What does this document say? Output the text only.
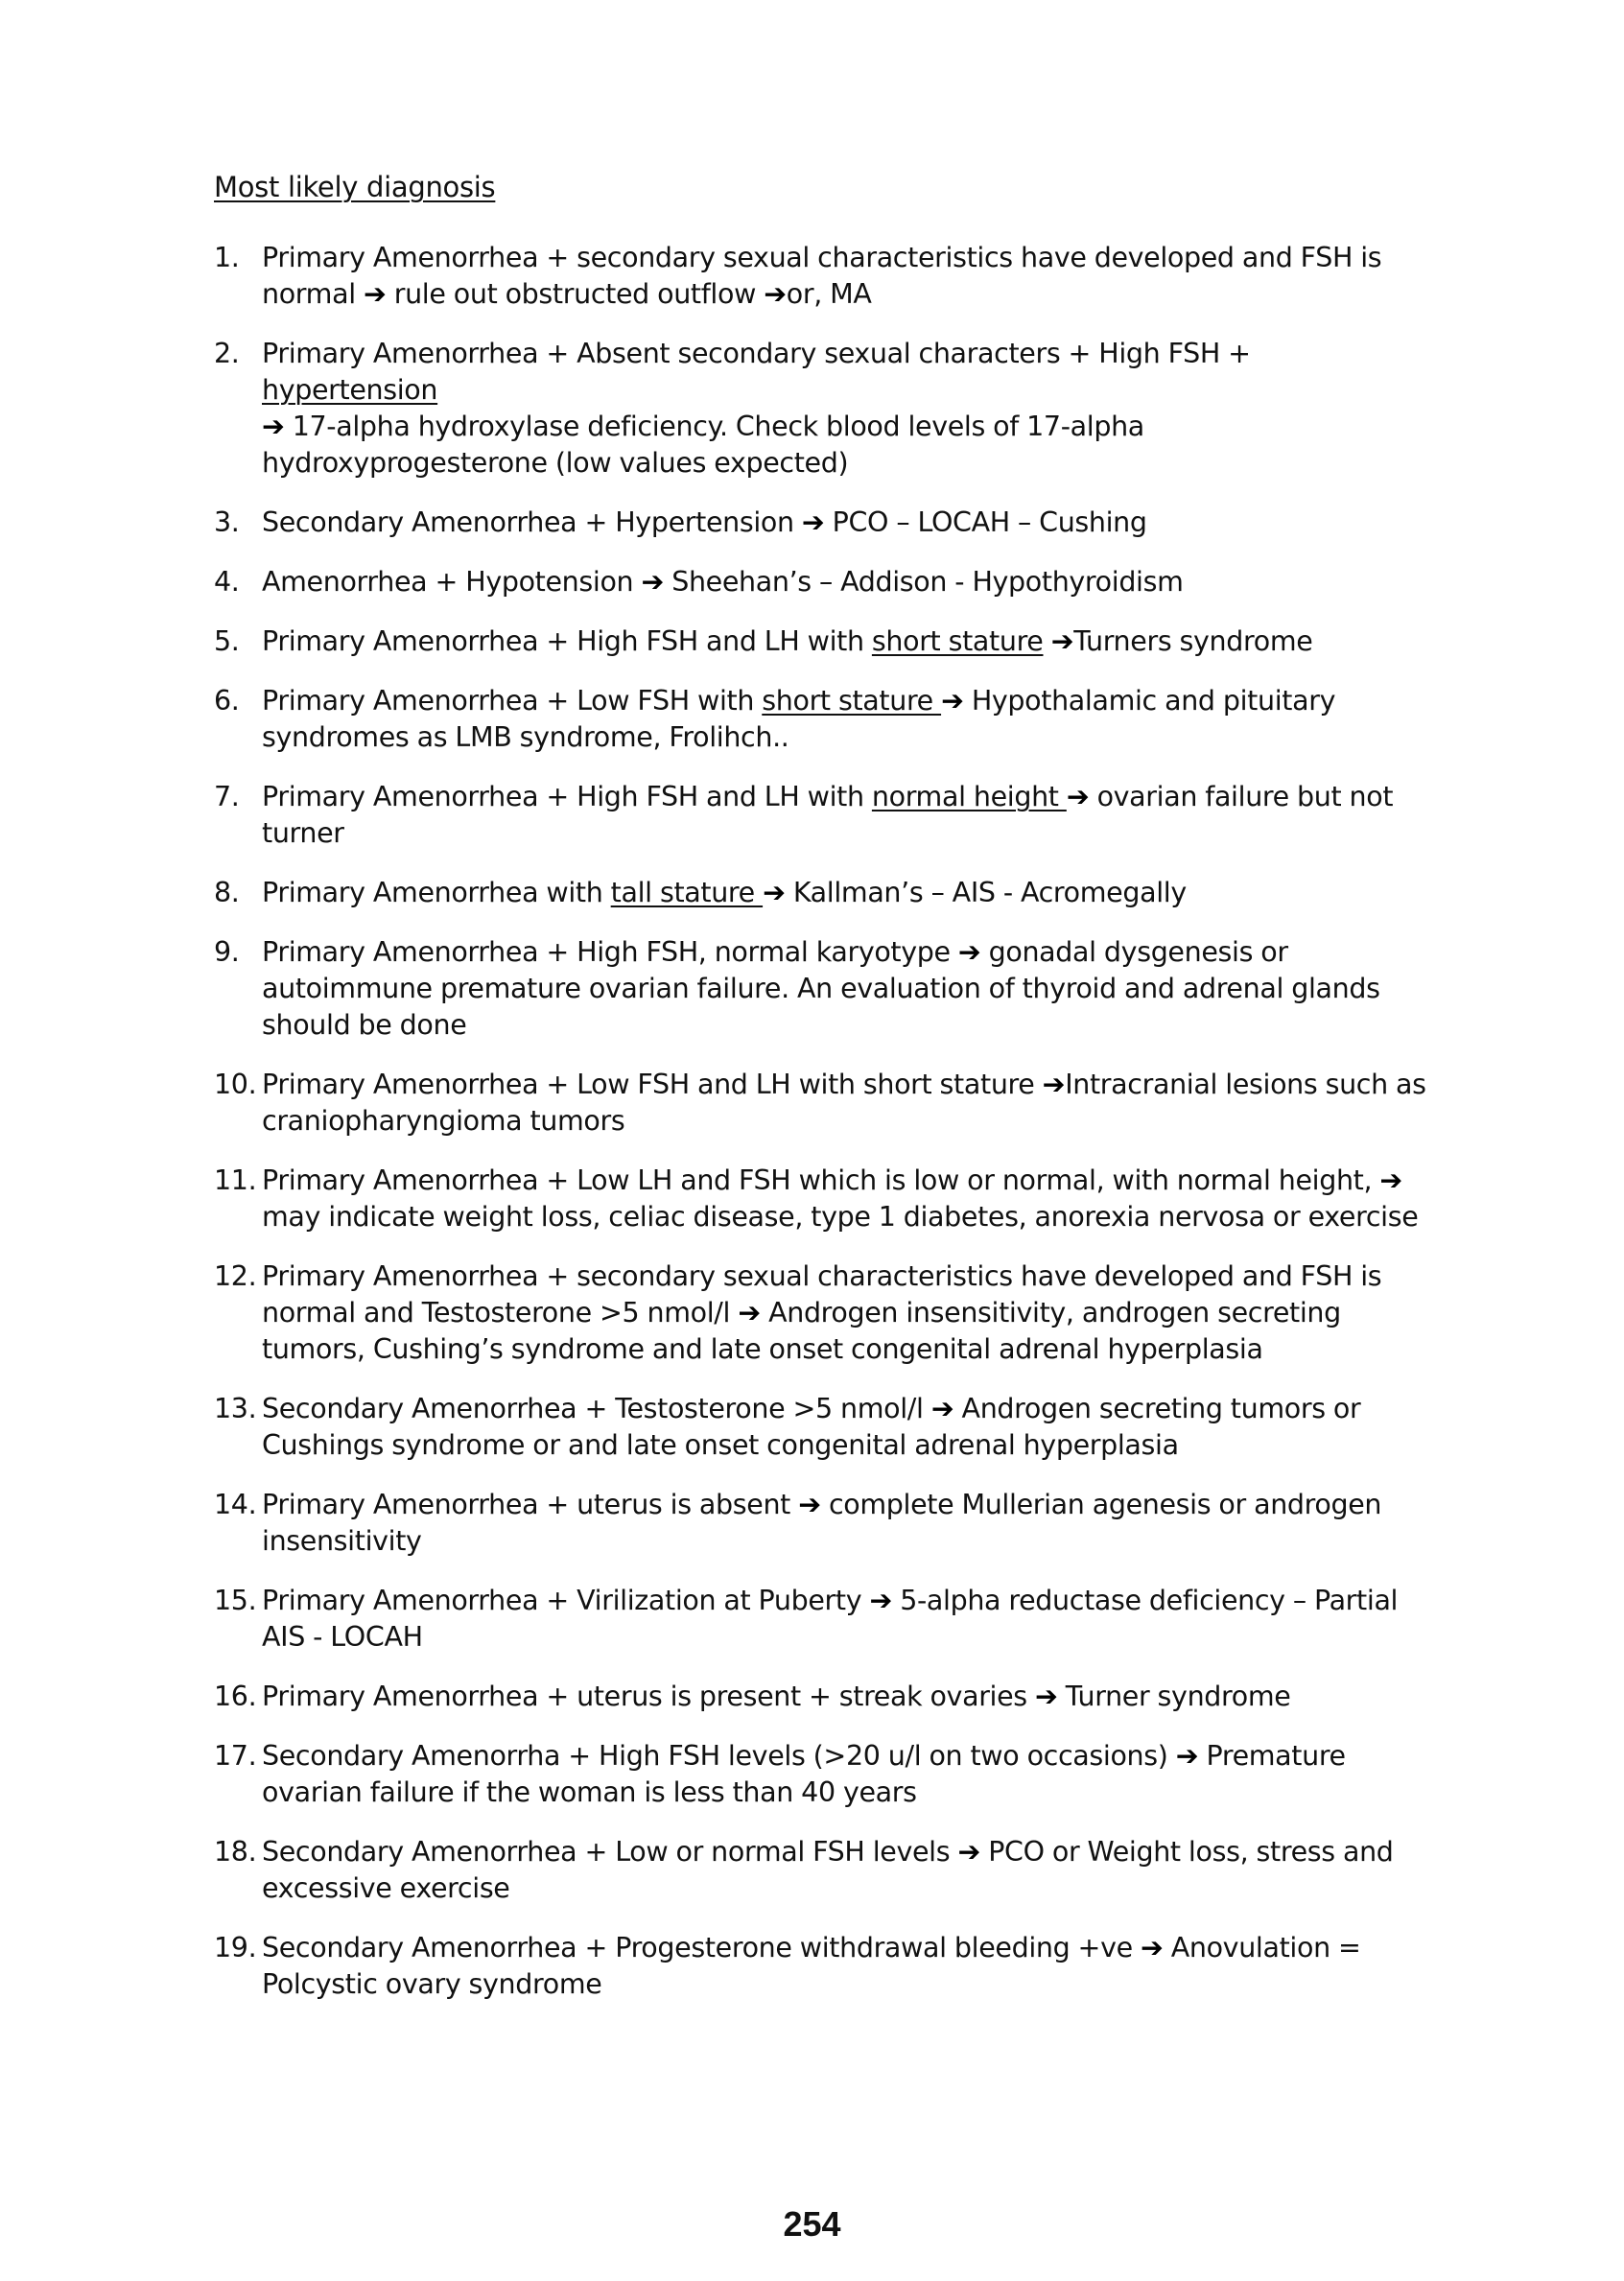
Most likely diagnosis
1. Primary Amenorrhea + secondary sexual characteristics have developed and FSH is normal ➔ rule out obstructed outflow ➔or, MA
2. Primary Amenorrhea + Absent secondary sexual characters + High FSH + hypertension
➔ 17-alpha hydroxylase deficiency. Check blood levels of 17-alpha hydroxyprogesterone (low values expected)
3. Secondary Amenorrhea + Hypertension ➔ PCO – LOCAH – Cushing
4. Amenorrhea + Hypotension ➔ Sheehan’s – Addison - Hypothyroidism
5. Primary Amenorrhea + High FSH and LH with short stature ➔Turners syndrome
6. Primary Amenorrhea + Low FSH with short stature ➔ Hypothalamic and pituitary syndromes as LMB syndrome, Frolihch..
7. Primary Amenorrhea + High FSH and LH with normal height ➔ ovarian failure but not turner
8. Primary Amenorrhea with tall stature ➔ Kallman’s – AIS - Acromegally
9. Primary Amenorrhea + High FSH, normal karyotype ➔ gonadal dysgenesis or autoimmune premature ovarian failure. An evaluation of thyroid and adrenal glands should be done
10. Primary Amenorrhea + Low FSH and LH with short stature ➔Intracranial lesions such as craniopharyngioma tumors
11. Primary Amenorrhea + Low LH and FSH which is low or normal, with normal height, ➔ may indicate weight loss, celiac disease, type 1 diabetes, anorexia nervosa or exercise
12. Primary Amenorrhea + secondary sexual characteristics have developed and FSH is normal and Testosterone >5 nmol/l ➔ Androgen insensitivity, androgen secreting tumors, Cushing’s syndrome and late onset congenital adrenal hyperplasia
13. Secondary Amenorrhea + Testosterone >5 nmol/l ➔ Androgen secreting tumors or Cushings syndrome or and late onset congenital adrenal hyperplasia
14. Primary Amenorrhea + uterus is absent ➔ complete Mullerian agenesis or androgen insensitivity
15. Primary Amenorrhea + Virilization at Puberty ➔ 5-alpha reductase deficiency – Partial AIS - LOCAH
16. Primary Amenorrhea + uterus is present + streak ovaries ➔ Turner syndrome
17. Secondary Amenorrha + High FSH levels (>20 u/l on two occasions) ➔ Premature ovarian failure if the woman is less than 40 years
18. Secondary Amenorrhea + Low or normal FSH levels ➔ PCO or Weight loss, stress and excessive exercise
19. Secondary Amenorrhea + Progesterone withdrawal bleeding +ve ➔ Anovulation = Polcystic ovary syndrome
254
